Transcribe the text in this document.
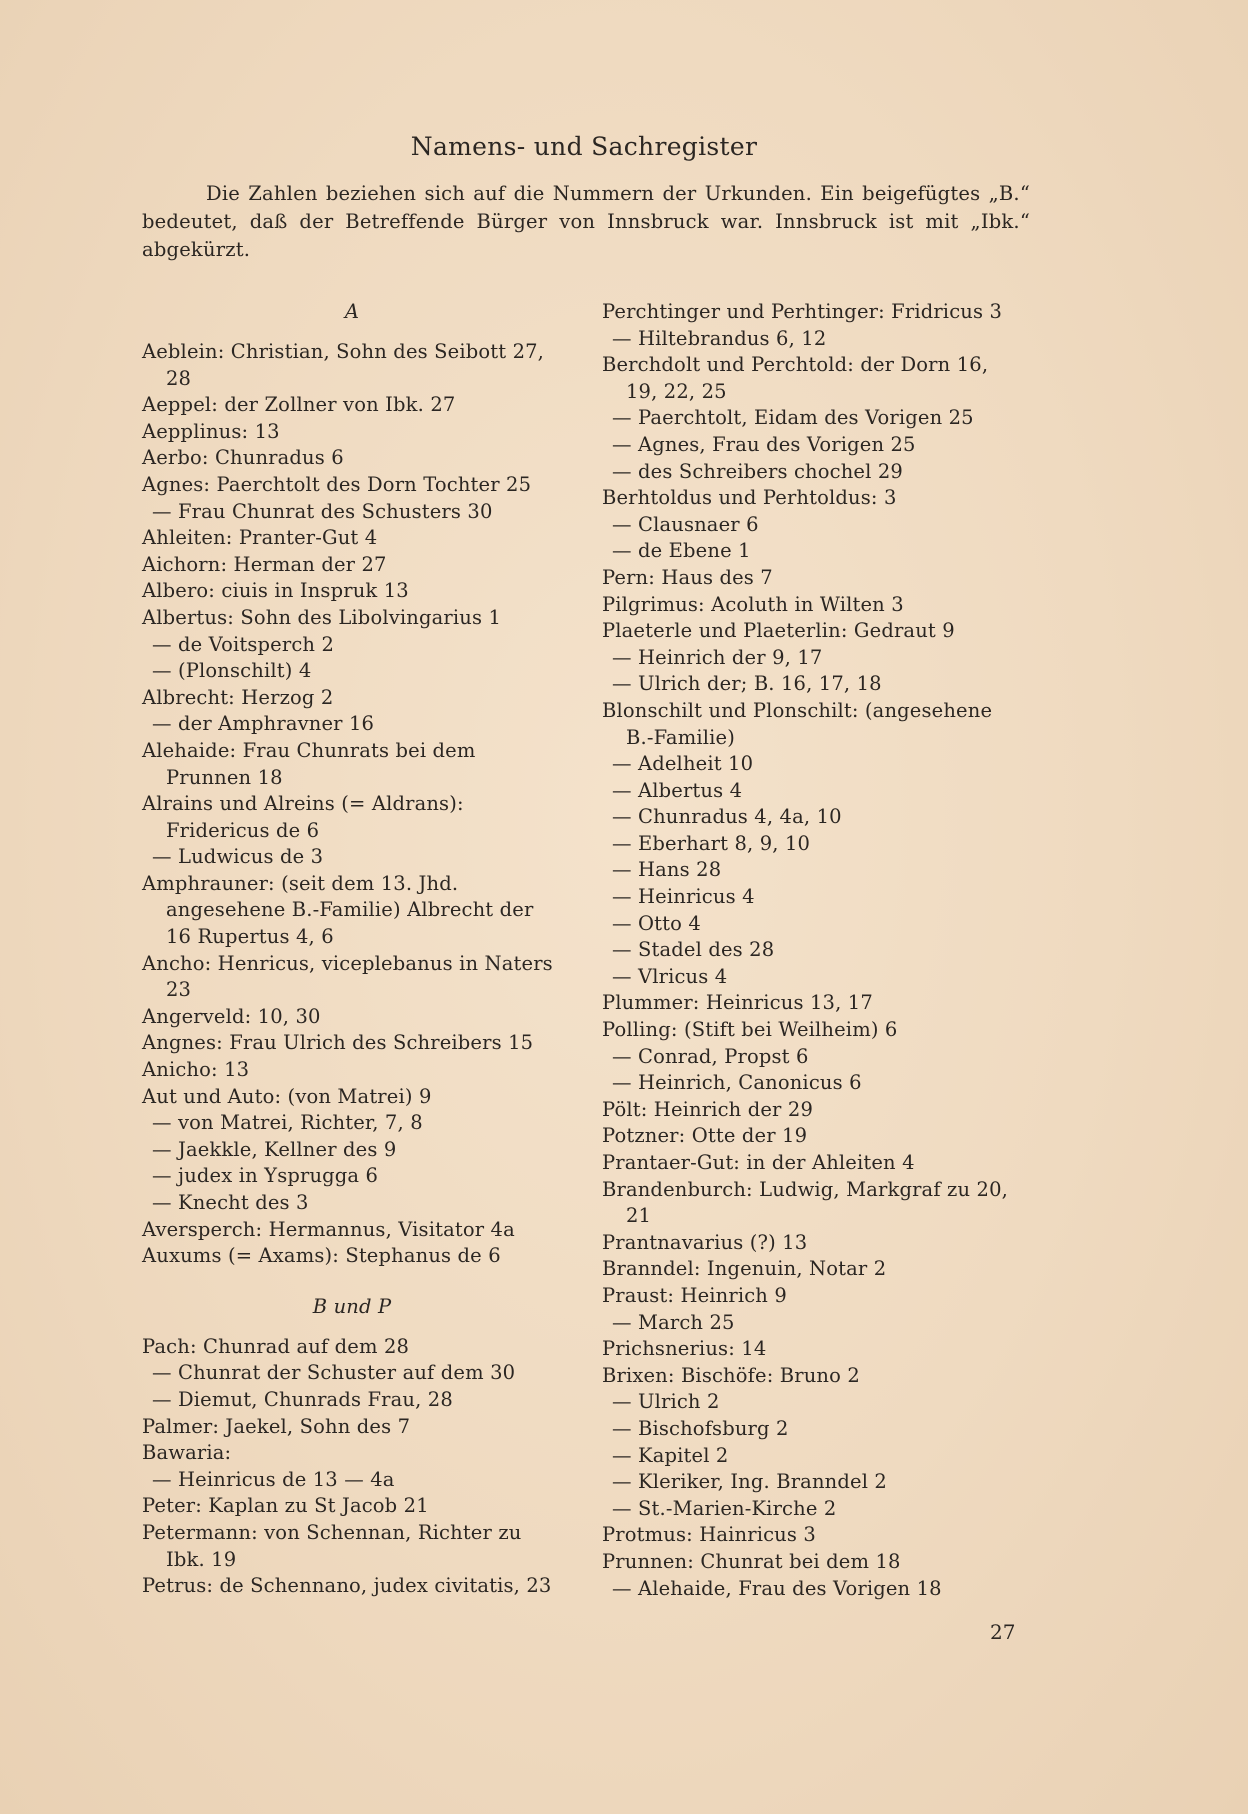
Namens- und Sachregister

Die Zahlen beziehen sich auf die Nummern der Urkunden. Ein beigefügtes „B.“ bedeutet, daß der Betreffende Bürger von Innsbruck war. Innsbruck ist mit „Ibk.“ abgekürzt.

A
Aeblein: Christian, Sohn des Seibott 27, 28
Aeppel: der Zollner von Ibk. 27
Aepplinus: 13
Aerbo: Chunradus 6
Agnes: Paerchtolt des Dorn Tochter 25
— Frau Chunrat des Schusters 30
Ahleiten: Pranter-Gut 4
Aichorn: Herman der 27
Albero: ciuis in Inspruk 13
Albertus: Sohn des Libolvingarius 1
— de Voitsperch 2
— (Plonschilt) 4
Albrecht: Herzog 2
— der Amphravner 16
Alehaide: Frau Chunrats bei dem Prunnen 18
Alrains und Alreins (= Aldrans): Fridericus de 6
— Ludwicus de 3
Amphrauner: (seit dem 13. Jhd. angesehene B.-Familie) Albrecht der 16 Rupertus 4, 6
Ancho: Henricus, viceplebanus in Naters 23
Angerveld: 10, 30
Angnes: Frau Ulrich des Schreibers 15
Anicho: 13
Aut und Auto: (von Matrei) 9
— von Matrei, Richter, 7, 8
— Jaekkle, Kellner des 9
— judex in Ysprugga 6
— Knecht des 3
Aversperch: Hermannus, Visitator 4a
Auxums (= Axams): Stephanus de 6
B und P
Pach: Chunrad auf dem 28
— Chunrat der Schuster auf dem 30
— Diemut, Chunrads Frau, 28
Palmer: Jaekel, Sohn des 7
Bawaria:
— Heinricus de 13 — 4a
Peter: Kaplan zu St Jacob 21
Petermann: von Schennan, Richter zu Ibk. 19
Petrus: de Schennano, judex civitatis, 23
Perchtinger und Perhtinger: Fridricus 3
— Hiltebrandus 6, 12
Berchdolt und Perchtold: der Dorn 16, 19, 22, 25
— Paerchtolt, Eidam des Vorigen 25
— Agnes, Frau des Vorigen 25
— des Schreibers chochel 29
Berhtoldus und Perhtoldus: 3
— Clausnaer 6
— de Ebene 1
Pern: Haus des 7
Pilgrimus: Acoluth in Wilten 3
Plaeterle und Plaeterlin: Gedraut 9
— Heinrich der 9, 17
— Ulrich der; B. 16, 17, 18
Blonschilt und Plonschilt: (angesehene B.-Familie)
— Adelheit 10
— Albertus 4
— Chunradus 4, 4a, 10
— Eberhart 8, 9, 10
— Hans 28
— Heinricus 4
— Otto 4
— Stadel des 28
— Vlricus 4
Plummer: Heinricus 13, 17
Polling: (Stift bei Weilheim) 6
— Conrad, Propst 6
— Heinrich, Canonicus 6
Pölt: Heinrich der 29
Potzner: Otte der 19
Prantaer-Gut: in der Ahleiten 4
Brandenburch: Ludwig, Markgraf zu 20, 21
Prantnavarius (?) 13
Branndel: Ingenuin, Notar 2
Praust: Heinrich 9
— March 25
Prichsnerius: 14
Brixen: Bischöfe: Bruno 2
— Ulrich 2
— Bischofsburg 2
— Kapitel 2
— Kleriker, Ing. Branndel 2
— St.-Marien-Kirche 2
Protmus: Hainricus 3
Prunnen: Chunrat bei dem 18
— Alehaide, Frau des Vorigen 18
27
